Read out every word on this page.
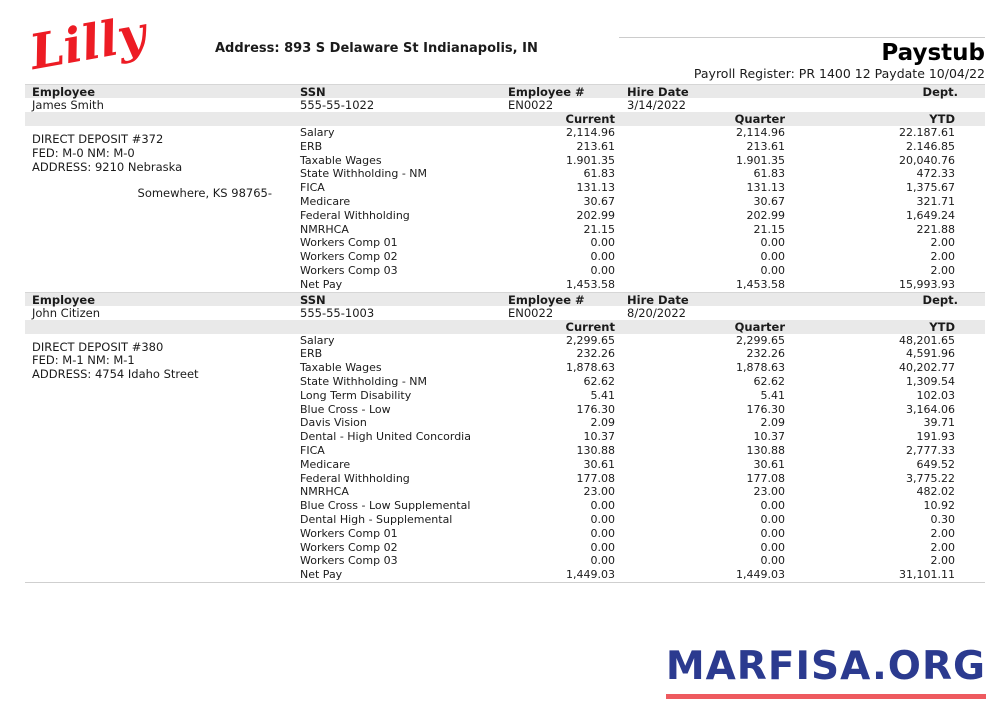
Lilly	Address: 893 S Delaware St Indianapolis, IN	Paystub
Payroll Register: PR 1400 12 Paydate 10/04/22
Employee	SSN	Employee #	Hire Date	Dept.
James Smith	555-55-1022	EN0022	3/14/2022
Current	Quarter	YTD
DIRECT DEPOSIT #372
FED: M-0 NM: M-0
ADDRESS: 9210 Nebraska
Somewhere, KS 98765-
Salary	2,114.96	2,114.96	22.187.61
ERB	213.61	213.61	2.146.85
Taxable Wages	1.901.35	1.901.35	20,040.76
State Withholding - NM	61.83	61.83	472.33
FICA	131.13	131.13	1,375.67
Medicare	30.67	30.67	321.71
Federal Withholding	202.99	202.99	1,649.24
NMRHCA	21.15	21.15	221.88
Workers Comp 01	0.00	0.00	2.00
Workers Comp 02	0.00	0.00	2.00
Workers Comp 03	0.00	0.00	2.00
Net Pay	1,453.58	1,453.58	15,993.93
Employee	SSN	Employee #	Hire Date	Dept.
John Citizen	555-55-1003	EN0022	8/20/2022
Current	Quarter	YTD
DIRECT DEPOSIT #380
FED: M-1 NM: M-1
ADDRESS: 4754 Idaho Street
Salary	2,299.65	2,299.65	48,201.65
ERB	232.26	232.26	4,591.96
Taxable Wages	1,878.63	1,878.63	40,202.77
State Withholding - NM	62.62	62.62	1,309.54
Long Term Disability	5.41	5.41	102.03
Blue Cross - Low	176.30	176.30	3,164.06
Davis Vision	2.09	2.09	39.71
Dental - High United Concordia	10.37	10.37	191.93
FICA	130.88	130.88	2,777.33
Medicare	30.61	30.61	649.52
Federal Withholding	177.08	177.08	3,775.22
NMRHCA	23.00	23.00	482.02
Blue Cross - Low Supplemental	0.00	0.00	10.92
Dental High - Supplemental	0.00	0.00	0.30
Workers Comp 01	0.00	0.00	2.00
Workers Comp 02	0.00	0.00	2.00
Workers Comp 03	0.00	0.00	2.00
Net Pay	1,449.03	1,449.03	31,101.11
MARFISA.ORG
